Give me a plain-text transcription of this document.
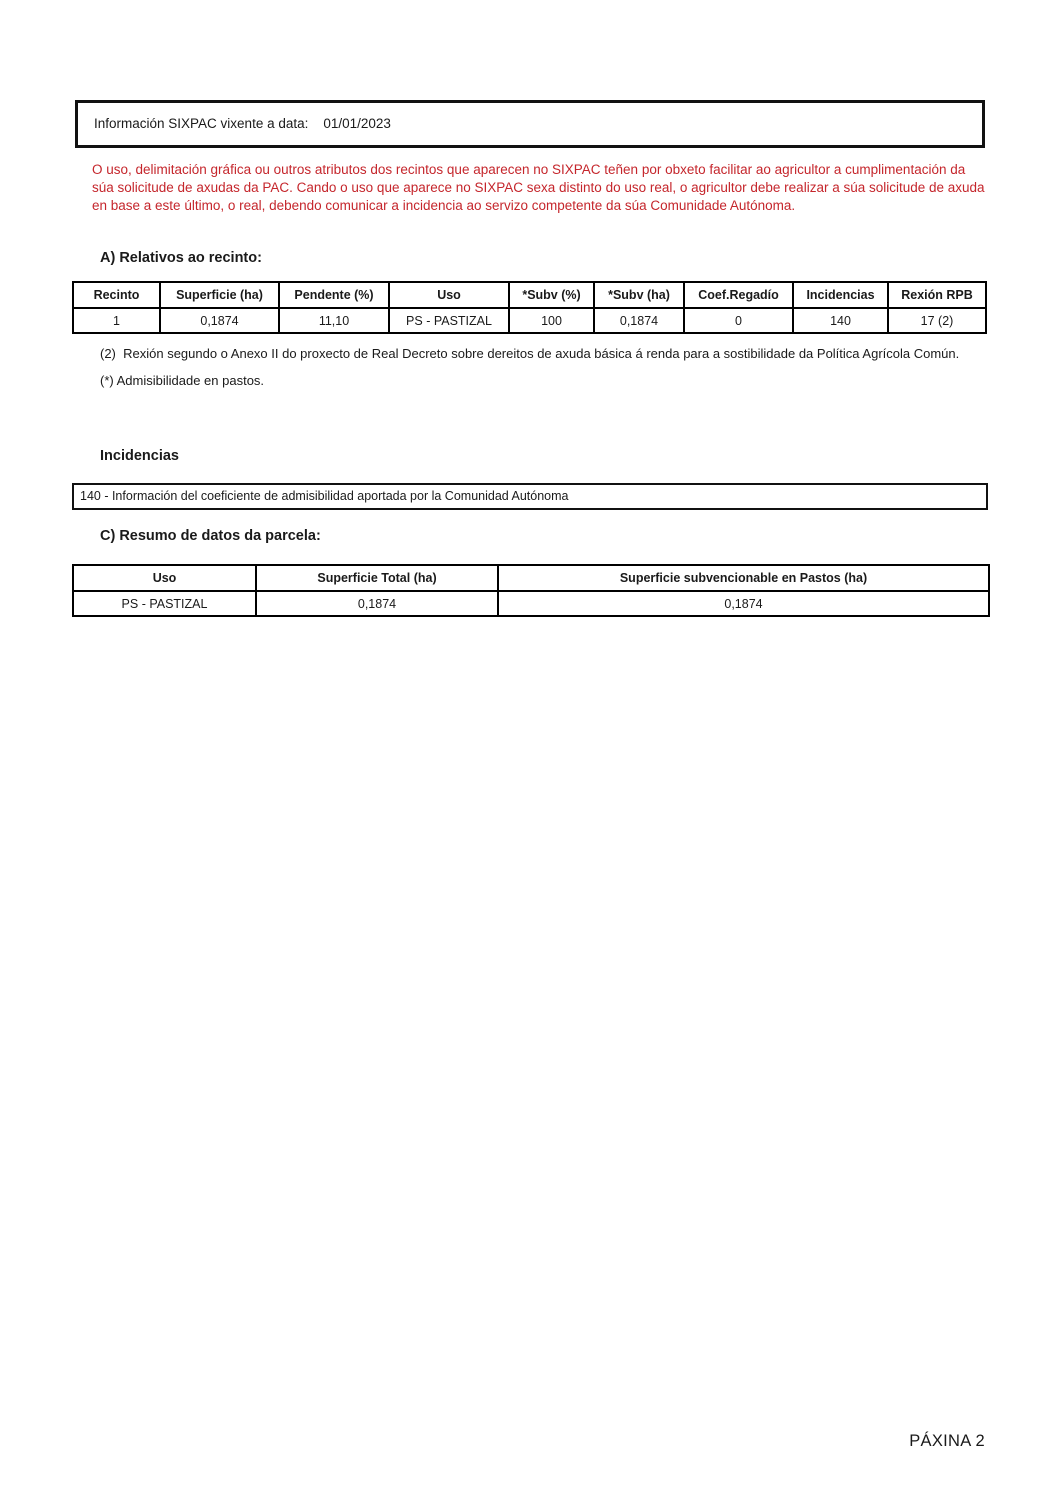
Información SIXPAC vixente a data: 01/01/2023
O uso, delimitación gráfica ou outros atributos dos recintos que aparecen no SIXPAC teñen por obxeto facilitar ao agricultor a cumplimentación da súa solicitude de axudas da PAC. Cando o uso que aparece no SIXPAC sexa distinto do uso real, o agricultor debe realizar a súa solicitude de axuda en base a este último, o real, debendo comunicar a incidencia ao servizo competente da súa Comunidade Autónoma.
A) Relativos ao recinto:
Recinto	Superficie (ha)	Pendente (%)	Uso	*Subv (%)	*Subv (ha)	Coef.Regadío	Incidencias	Rexión RPB
1	0,1874	11,10	PS - PASTIZAL	100	0,1874	0	140	17 (2)
(2)  Rexión segundo o Anexo II do proxecto de Real Decreto sobre dereitos de axuda básica á renda para a sostibilidade da Política Agrícola Común.
(*) Admisibilidade en pastos.
Incidencias
140 - Información del coeficiente de admisibilidad aportada por la Comunidad Autónoma
C) Resumo de datos da parcela:
Uso	Superficie Total (ha)	Superficie subvencionable en Pastos (ha)
PS - PASTIZAL	0,1874	0,1874
PÁXINA 2
